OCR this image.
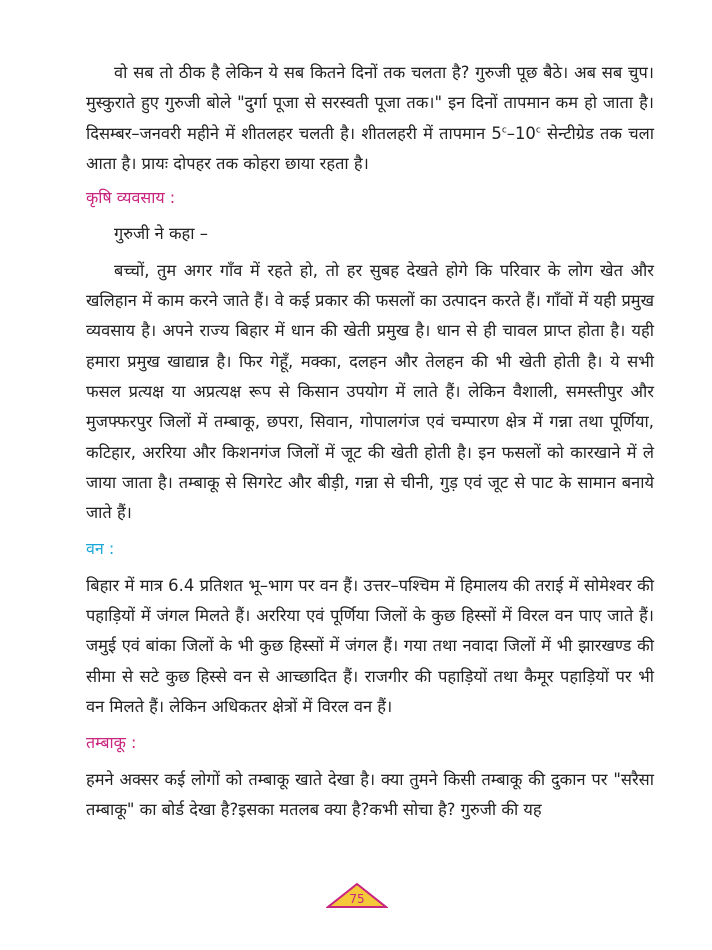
वो सब तो ठीक है लेकिन ये सब कितने दिनों तक चलता है? गुरुजी पूछ बैठे। अब सब चुप। मुस्कुराते हुए गुरुजी बोले "दुर्गा पूजा से सरस्वती पूजा तक।" इन दिनों तापमान कम हो जाता है। दिसम्बर–जनवरी महीने में शीतलहर चलती है। शीतलहरी में तापमान 5$^c$–10$^c$ सेन्टीग्रेड तक चला आता है। प्रायः दोपहर तक कोहरा छाया रहता है।

कृषि व्यवसाय :

गुरुजी ने कहा –

बच्चों, तुम अगर गाँव में रहते हो, तो हर सुबह देखते होगे कि परिवार के लोग खेत और खलिहान में काम करने जाते हैं। वे कई प्रकार की फसलों का उत्पादन करते हैं। गाँवों में यही प्रमुख व्यवसाय है। अपने राज्य बिहार में धान की खेती प्रमुख है। धान से ही चावल प्राप्त होता है। यही हमारा प्रमुख खाद्यान्न है। फिर गेहूँ, मक्का, दलहन और तेलहन की भी खेती होती है। ये सभी फसल प्रत्यक्ष या अप्रत्यक्ष रूप से किसान उपयोग में लाते हैं। लेकिन वैशाली, समस्तीपुर और मुजफ्फरपुर जिलों में तम्बाकू, छपरा, सिवान, गोपालगंज एवं चम्पारण क्षेत्र में गन्ना तथा पूर्णिया, कटिहार, अररिया और किशनगंज जिलों में जूट की खेती होती है। इन फसलों को कारखाने में ले जाया जाता है। तम्बाकू से सिगरेट और बीड़ी, गन्ना से चीनी, गुड़ एवं जूट से पाट के सामान बनाये जाते हैं।

वन :

बिहार में मात्र 6.4 प्रतिशत भू–भाग पर वन हैं। उत्तर–पश्चिम में हिमालय की तराई में सोमेश्वर की पहाड़ियों में जंगल मिलते हैं। अररिया एवं पूर्णिया जिलों के कुछ हिस्सों में विरल वन पाए जाते हैं। जमुई एवं बांका जिलों के भी कुछ हिस्सों में जंगल हैं। गया तथा नवादा जिलों में भी झारखण्ड की सीमा से सटे कुछ हिस्से वन से आच्छादित हैं। राजगीर की पहाड़ियों तथा कैमूर पहाड़ियों पर भी वन मिलते हैं। लेकिन अधिकतर क्षेत्रों में विरल वन हैं।

तम्बाकू :

हमने अक्सर कई लोगों को तम्बाकू खाते देखा है। क्या तुमने किसी तम्बाकू की दुकान पर "सरैसा तम्बाकू" का बोर्ड देखा है?इसका मतलब क्या है?कभी सोचा है? गुरुजी की यह

75
